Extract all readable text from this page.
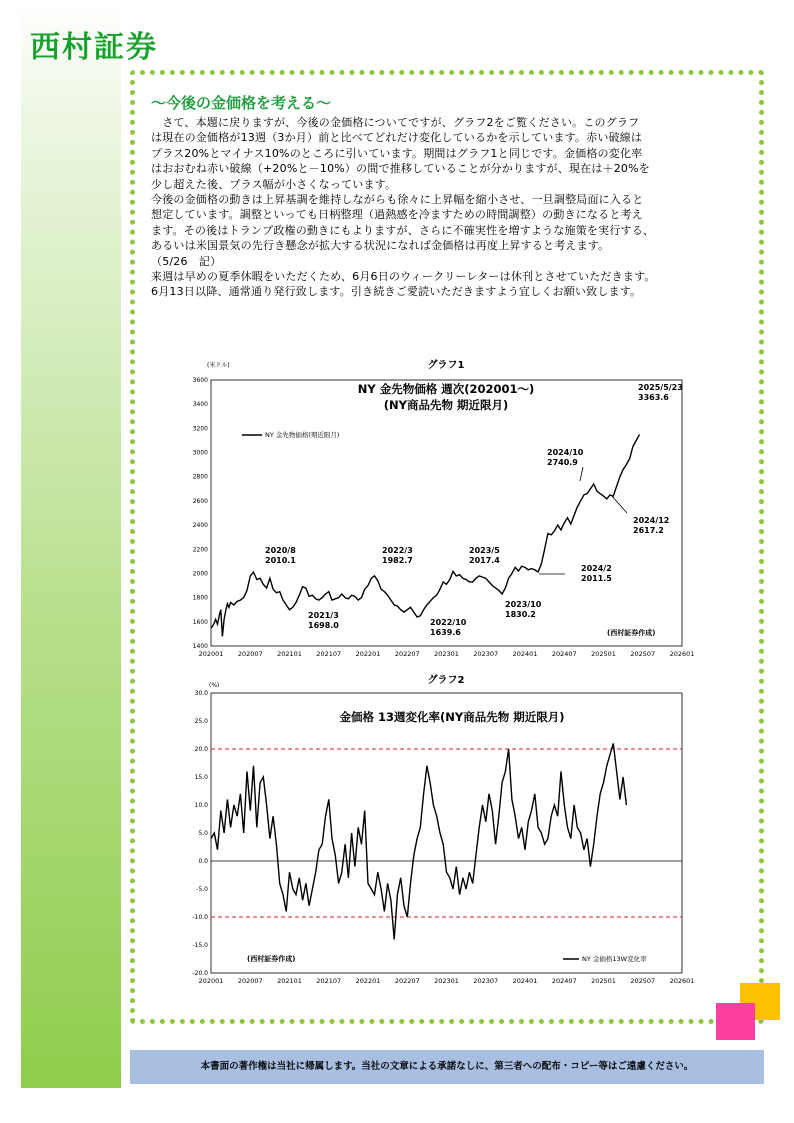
西村証券
～今後の金価格を考える～

　さて、本題に戻りますが、今後の金価格についてですが、グラフ2をご覧ください。このグラフ

は現在の金価格が13週（3か月）前と比べてどれだけ変化しているかを示しています。赤い破線は

プラス20%とマイナス10%のところに引いています。期間はグラフ1と同じです。金価格の変化率

はおおむね赤い破線（+20%と－10%）の間で推移していることが分かりますが、現在は＋20%を

少し超えた後、プラス幅が小さくなっています。

今後の金価格の動きは上昇基調を維持しながらも徐々に上昇幅を縮小させ、一旦調整局面に入ると

想定しています。調整といっても日柄整理（過熱感を冷ますための時間調整）の動きになると考え

ます。その後はトランプ政権の動きにもよりますが、さらに不確実性を増すような施策を実行する、

あるいは米国景気の先行き懸念が拡大する状況になれば金価格は再度上昇すると考えます。

（5/26　記）

来週は早めの夏季休暇をいただくため、6月6日のウィークリーレターは休刊とさせていただきます。

6月13日以降、通常通り発行致します。引き続きご愛読いただきますよう宜しくお願い致します。

グラフ1
(米ドル)
NY 金先物価格 週次(202001～)
(NY商品先物 期近限月)
NY 金先物価格(期近限月)
(西村証券作成)
1400
1600
1800
2000
2200
2400
2600
2800
3000
3200
3400
3600
202001 202007 202101 202107 202201 202207 202301 202307 202401 202407 202501 202507 202601
2020/8
2010.1
2021/3
1698.0
2022/3
1982.7
2022/10
1639.6
2023/5
2017.4
2023/10
1830.2
2024/2
2011.5
2024/10
2740.9
2024/12
2617.2
2025/5/23
3363.6
グラフ2
(%)
金価格 13週変化率(NY商品先物 期近限月)
NY 金価格13W変化率
(西村証券作成)
-20.0
-15.0
-10.0
-5.0
0.0
5.0
10.0
15.0
20.0
25.0
30.0
202001 202007 202101 202107 202201 202207 202301 202307 202401 202407 202501 202507 202601
本書面の著作権は当社に帰属します。当社の文章による承諾なしに、第三者への配布・コピー等はご遠慮ください。
